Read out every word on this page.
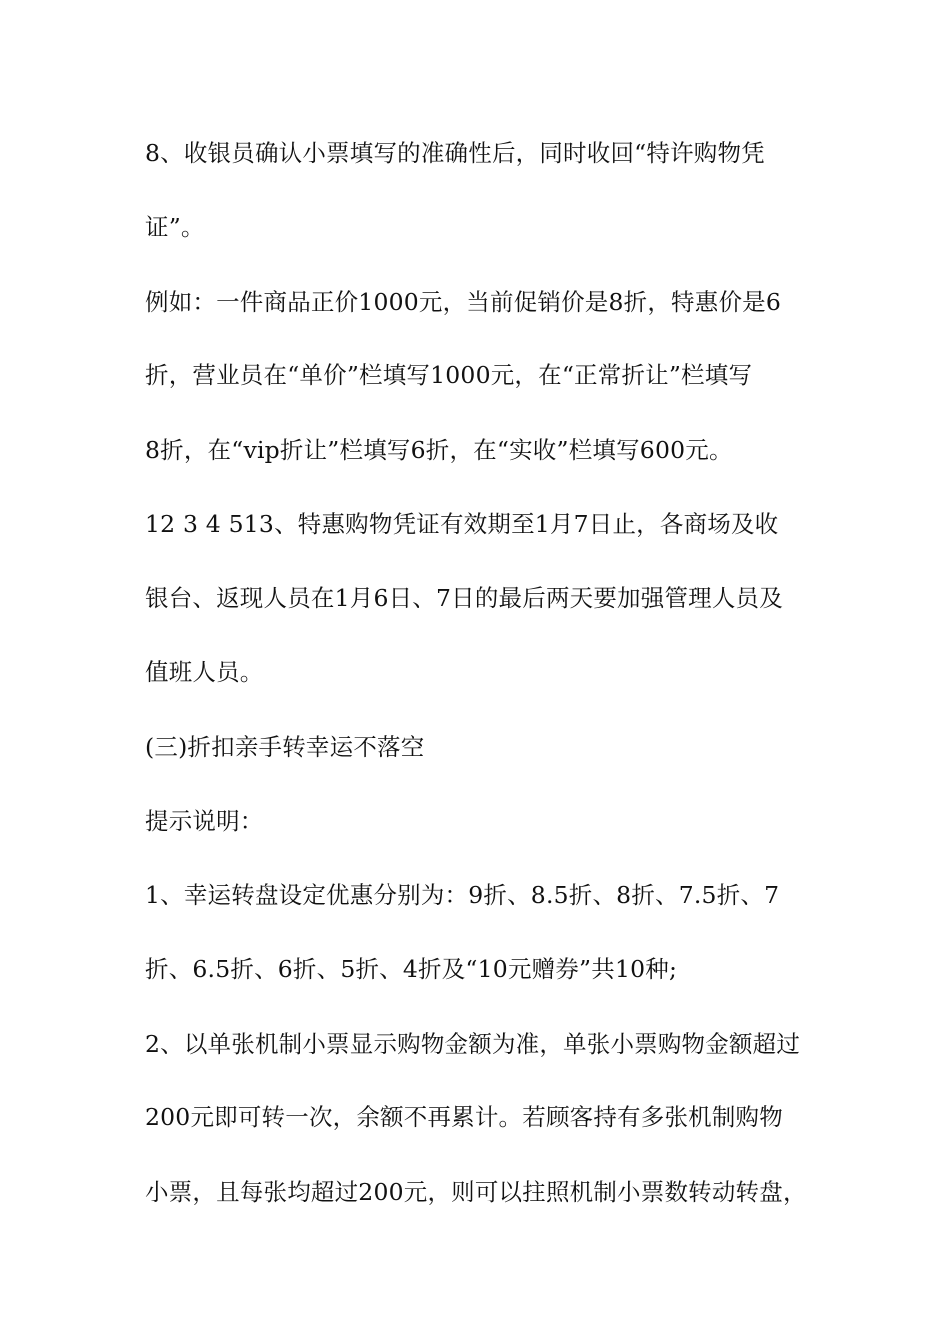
8、收银员确认小票填写的准确性后，同时收回“特许购物凭
证”。
例如：一件商品正价1000元，当前促销价是8折，特惠价是6
折，营业员在“单价”栏填写1000元，在“正常折让”栏填写
8折，在“vip折让”栏填写6折，在“实收”栏填写600元。
12 3 4 513、特惠购物凭证有效期至1月7日止，各商场及收
银台、返现人员在1月6日、7日的最后两天要加强管理人员及
值班人员。
(三)折扣亲手转幸运不落空
提示说明：
1、幸运转盘设定优惠分别为：9折、8.5折、8折、7.5折、7
折、6.5折、6折、5折、4折及“10元赠券”共10种;
2、以单张机制小票显示购物金额为准，单张小票购物金额超过
200元即可转一次，余额不再累计。若顾客持有多张机制购物
小票，且每张均超过200元，则可以拄照机制小票数转动转盘，
